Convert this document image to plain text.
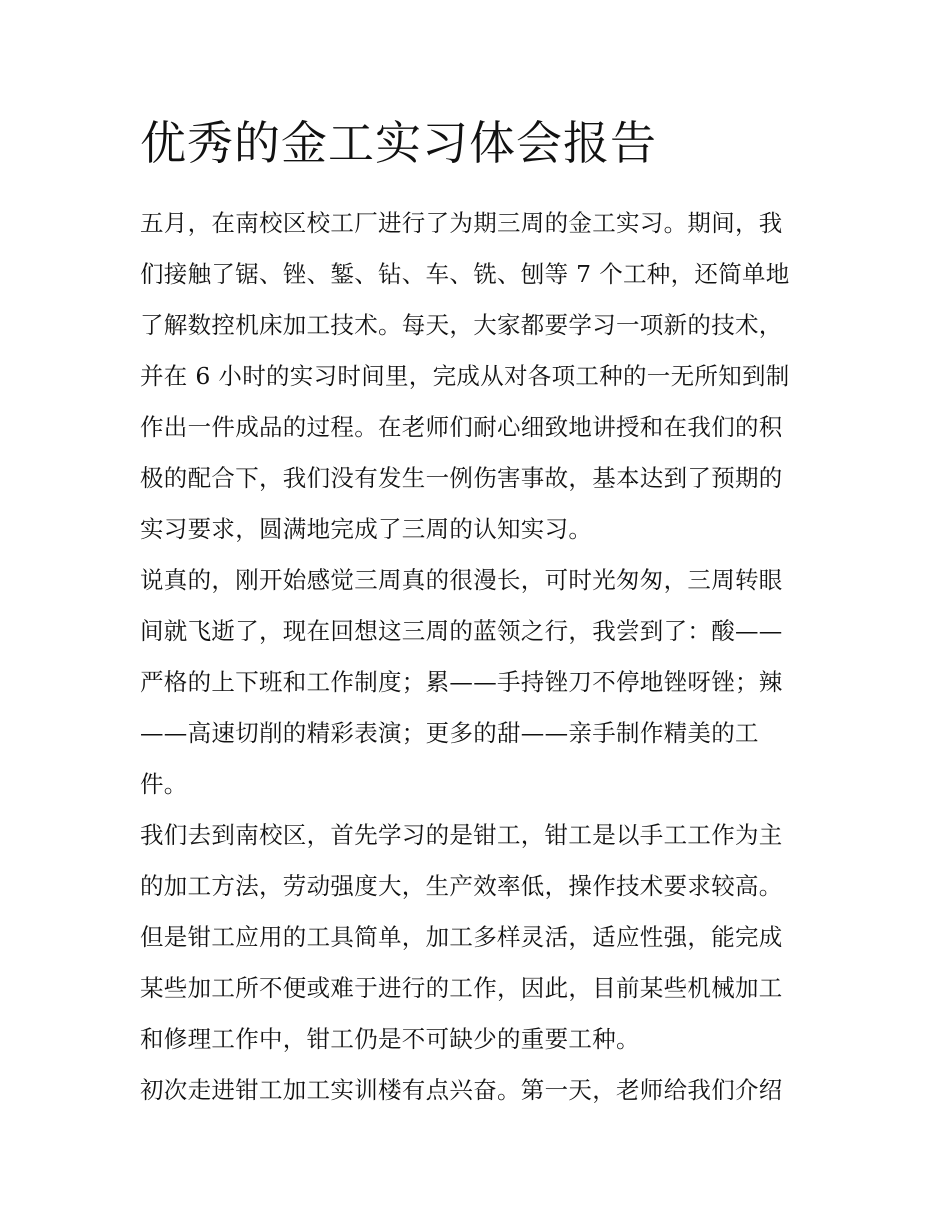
优秀的金工实习体会报告

五月，在南校区校工厂进行了为期三周的金工实习。期间，我
们接触了锯、锉、錾、钻、车、铣、刨等 7 个工种，还简单地
了解数控机床加工技术。每天，大家都要学习一项新的技术，
并在 6 小时的实习时间里，完成从对各项工种的一无所知到制
作出一件成品的过程。在老师们耐心细致地讲授和在我们的积
极的配合下，我们没有发生一例伤害事故，基本达到了预期的
实习要求，圆满地完成了三周的认知实习。

说真的，刚开始感觉三周真的很漫长，可时光匆匆，三周转眼
间就飞逝了，现在回想这三周的蓝领之行，我尝到了：酸——
严格的上下班和工作制度；累——手持锉刀不停地锉呀锉；辣
——高速切削的精彩表演；更多的甜——亲手制作精美的工
件。

我们去到南校区，首先学习的是钳工，钳工是以手工工作为主
的加工方法，劳动强度大，生产效率低，操作技术要求较高。
但是钳工应用的工具简单，加工多样灵活，适应性强，能完成
某些加工所不便或难于进行的工作，因此，目前某些机械加工
和修理工作中，钳工仍是不可缺少的重要工种。

初次走进钳工加工实训楼有点兴奋。第一天，老师给我们介绍
